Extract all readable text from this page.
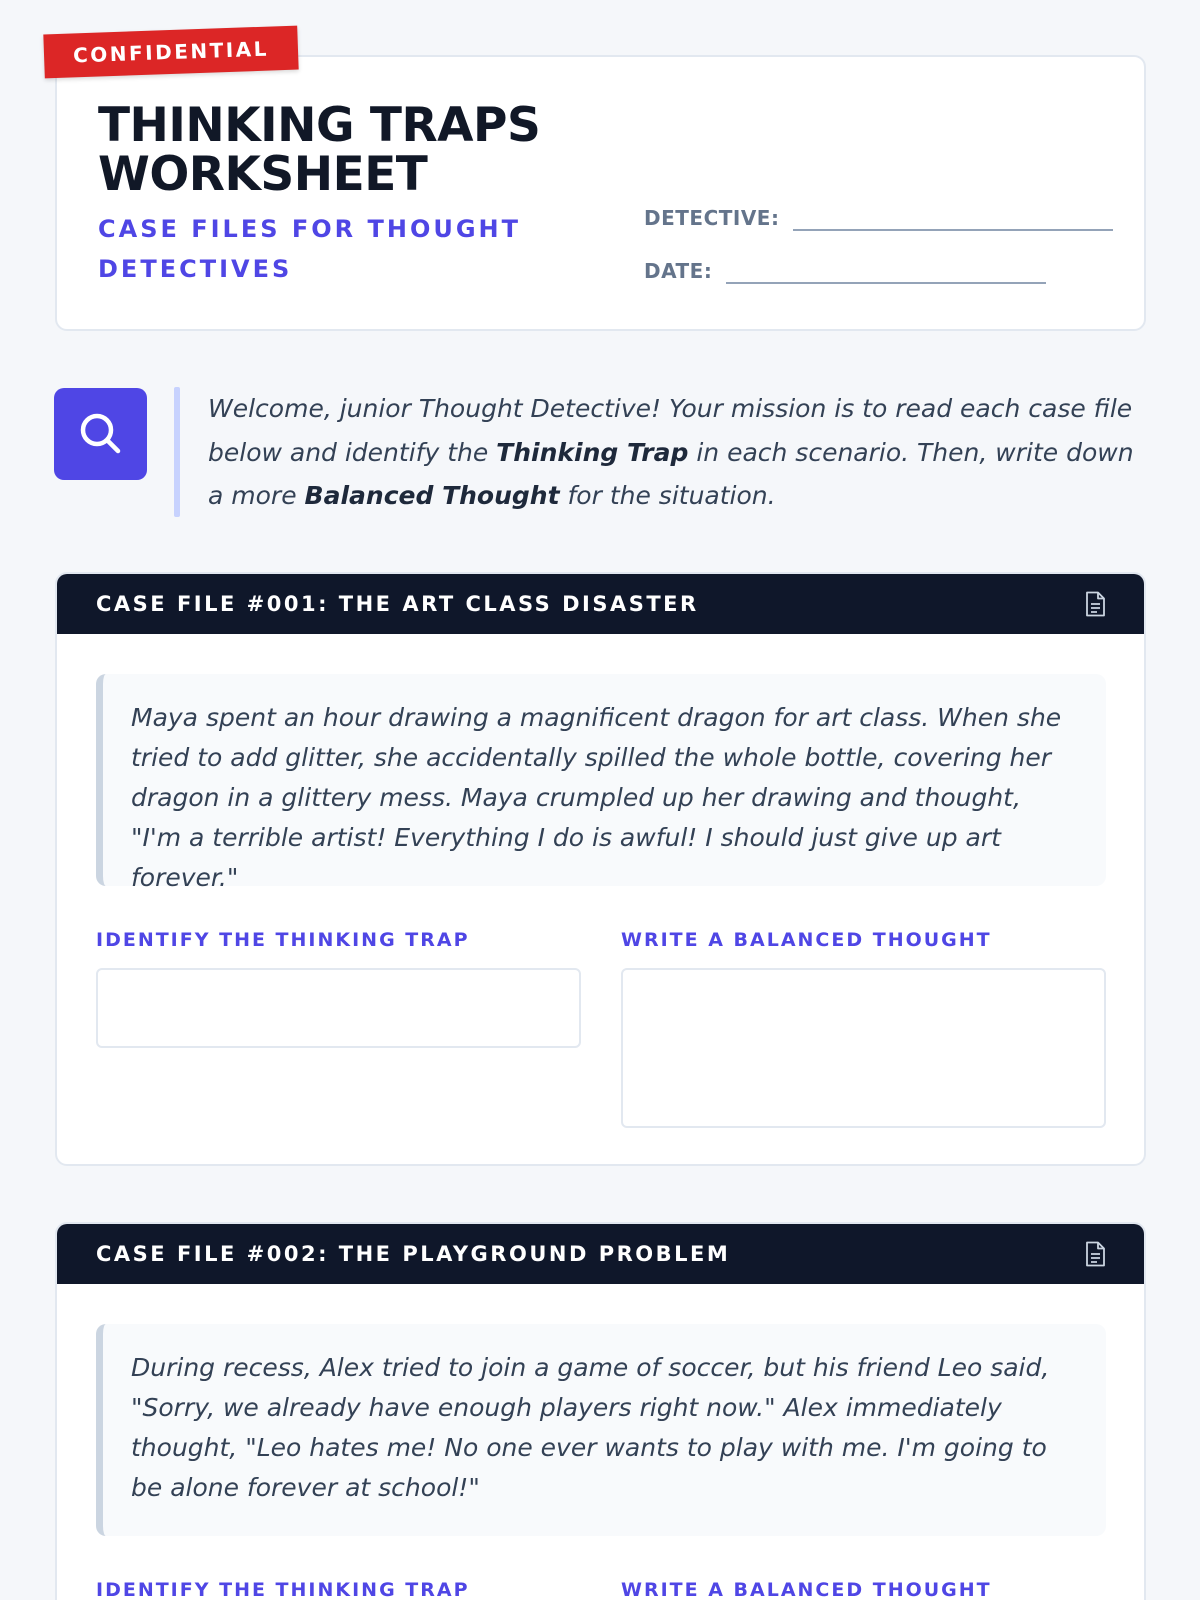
THINKING TRAPS
WORKSHEET
CASE FILES FOR THOUGHT DETECTIVES
DETECTIVE:
DATE:
CONFIDENTIAL

Welcome, junior Thought Detective! Your mission is to read each case file below and identify the Thinking Trap in each scenario. Then, write down a more Balanced Thought for the situation.

CASE FILE #001: THE ART CLASS DISASTER
Maya spent an hour drawing a magnificent dragon for art class. When she tried to add glitter, she accidentally spilled the whole bottle, covering her dragon in a glittery mess. Maya crumpled up her drawing and thought, "I'm a terrible artist! Everything I do is awful! I should just give up art forever."
IDENTIFY THE THINKING TRAP	WRITE A BALANCED THOUGHT
CASE FILE #002: THE PLAYGROUND PROBLEM
During recess, Alex tried to join a game of soccer, but his friend Leo said, "Sorry, we already have enough players right now." Alex immediately thought, "Leo hates me! No one ever wants to play with me. I'm going to be alone forever at school!"
IDENTIFY THE THINKING TRAP	WRITE A BALANCED THOUGHT
